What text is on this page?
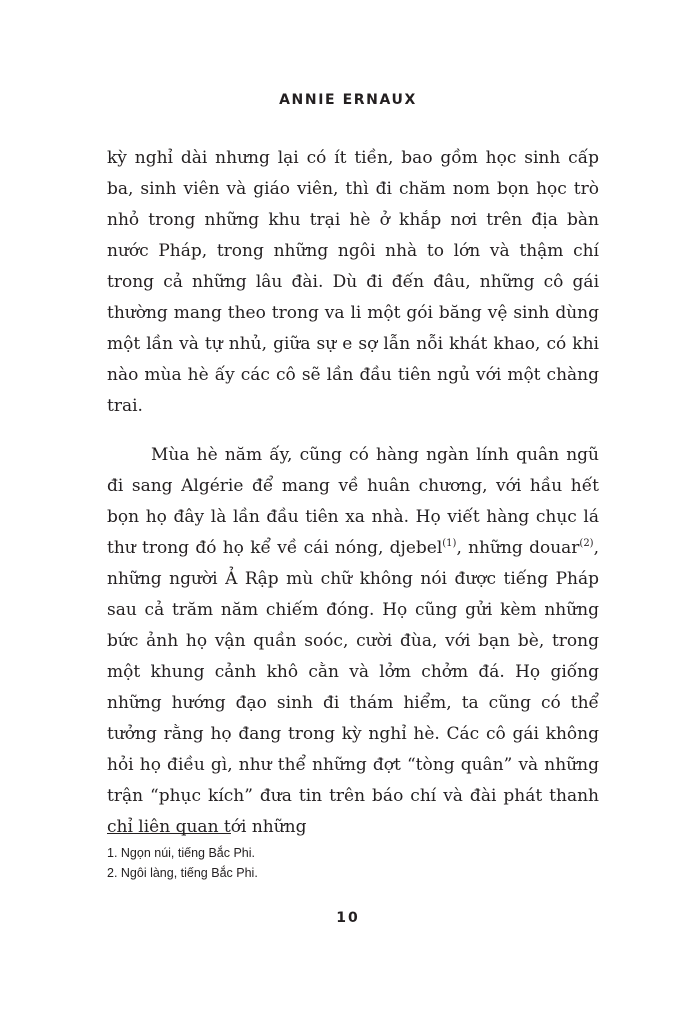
ANNIE ERNAUX

kỳ nghỉ dài nhưng lại có ít tiền, bao gồm học sinh cấp ba, sinh viên và giáo viên, thì đi chăm nom bọn học trò nhỏ trong những khu trại hè ở khắp nơi trên địa bàn nước Pháp, trong những ngôi nhà to lớn và thậm chí trong cả những lâu đài. Dù đi đến đâu, những cô gái thường mang theo trong va li một gói băng vệ sinh dùng một lần và tự nhủ, giữa sự e sợ lẫn nỗi khát khao, có khi nào mùa hè ấy các cô sẽ lần đầu tiên ngủ với một chàng trai.

Mùa hè năm ấy, cũng có hàng ngàn lính quân ngũ đi sang Algérie để mang về huân chương, với hầu hết bọn họ đây là lần đầu tiên xa nhà. Họ viết hàng chục lá thư trong đó họ kể về cái nóng, djebel$^{(1)}$, những douar$^{(2)}$, những người Ả Rập mù chữ không nói được tiếng Pháp sau cả trăm năm chiếm đóng. Họ cũng gửi kèm những bức ảnh họ vận quần soóc, cười đùa, với bạn bè, trong một khung cảnh khô cằn và lởm chởm đá. Họ giống những hướng đạo sinh đi thám hiểm, ta cũng có thể tưởng rằng họ đang trong kỳ nghỉ hè. Các cô gái không hỏi họ điều gì, như thể những đợt “tòng quân” và những trận “phục kích” đưa tin trên báo chí và đài phát thanh chỉ liên quan tới những

1. Ngọn núi, tiếng Bắc Phi.

2. Ngôi làng, tiếng Bắc Phi.

10
